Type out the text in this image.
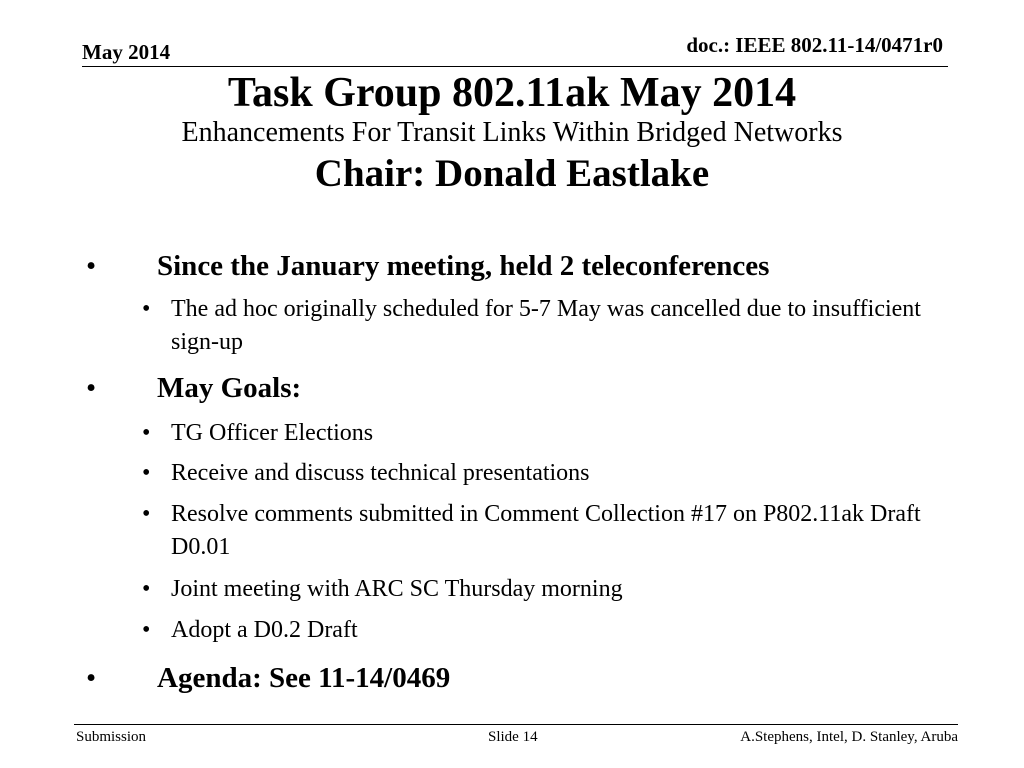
May 2014	doc.: IEEE 802.11-14/0471r0
Task Group 802.11ak May 2014
Enhancements For Transit Links Within Bridged Networks
Chair: Donald Eastlake
• Since the January meeting, held 2 teleconferences
• The ad hoc originally scheduled for 5-7 May was cancelled due to insufficient sign-up
• May Goals:
• TG Officer Elections
• Receive and discuss technical presentations
• Resolve comments submitted in Comment Collection #17 on P802.11ak Draft D0.01
• Joint meeting with ARC SC Thursday morning
• Adopt a D0.2 Draft
• Agenda: See 11-14/0469
Submission	Slide 14	A.Stephens, Intel, D. Stanley, Aruba
